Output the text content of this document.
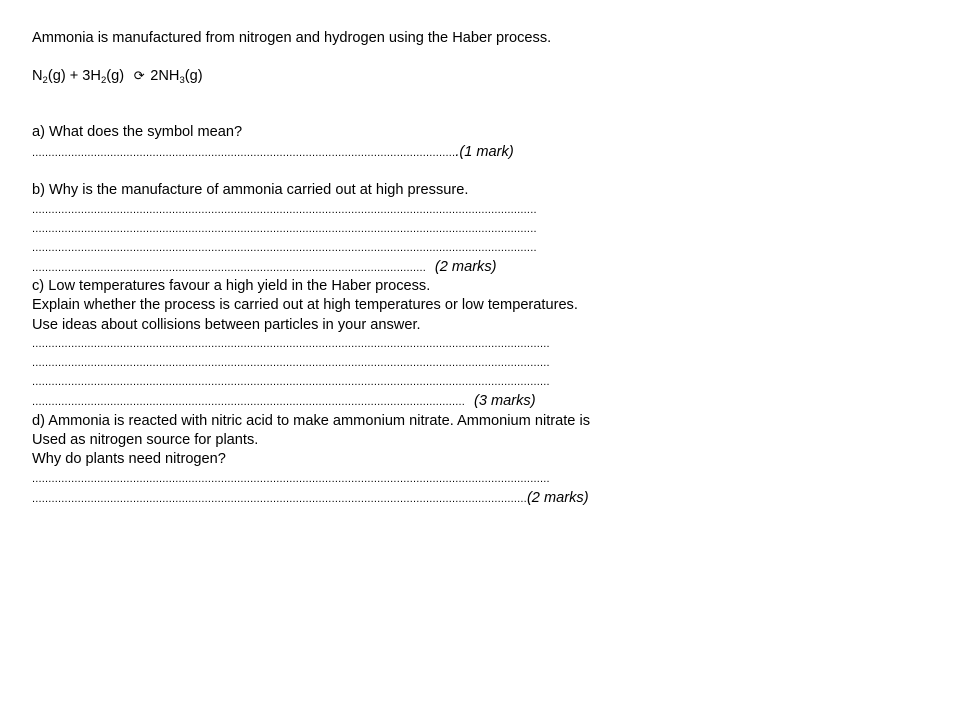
Ammonia is manufactured from nitrogen and hydrogen using the Haber process.
$N_2(g) + 3H_2(g)$ ⟳ $2NH_3(g)$
a) What does the symbol mean?
...................................................................................................................................(1 mark)
b) Why is the manufacture of ammonia carried out at high pressure.
...........................................................................................................................................................
...........................................................................................................................................................
...........................................................................................................................................................
......................................................................................................................... (2 marks)
c) Low temperatures favour a high yield in the Haber process.
Explain whether the process is carried out at high temperatures or low temperatures.
Use ideas about collisions between particles in your answer.
...............................................................................................................................................................
...............................................................................................................................................................
...............................................................................................................................................................
..................................................................................................................................... (3 marks)
d) Ammonia is reacted with nitric acid to make ammonium nitrate. Ammonium nitrate is
Used as nitrogen source for plants.
Why do plants need nitrogen?
...............................................................................................................................................................
........................................................................................................................................................(2 marks)
